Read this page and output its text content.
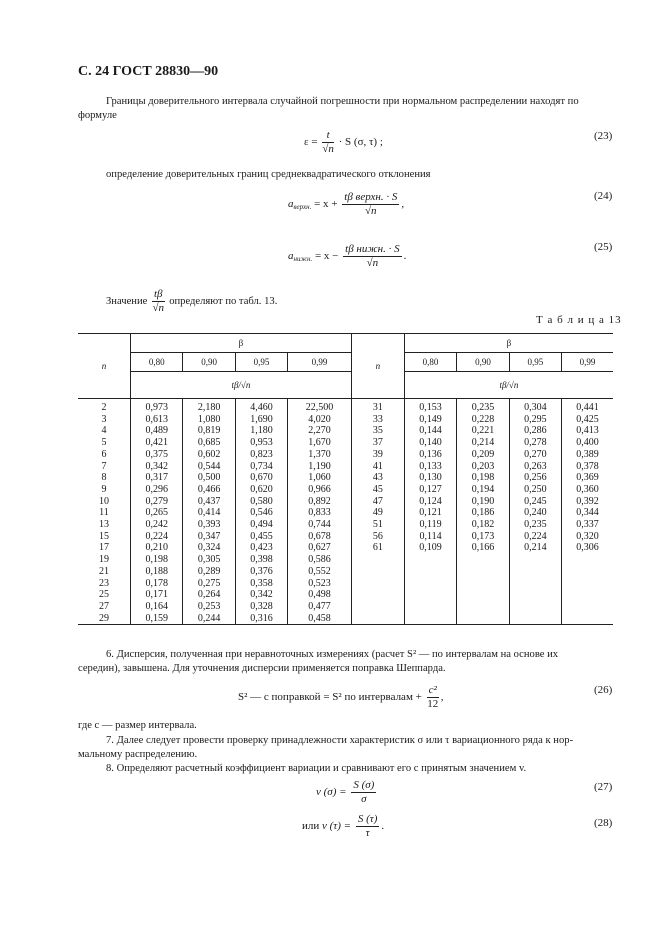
С. 24 ГОСТ 28830—90
Границы доверительного интервала случайной погрешности при нормальном распределении находят по
формуле
$\varepsilon = \frac{t}{√n} \cdot S$ (σ, τ) ;
(23)
определение доверительных границ среднеквадратического отклонения
$a_{верхн.} = x + \frac{\text{tβ верхн. · S}}{√n}$ ,
(24)
$a_{нижн.} = x - \frac{\text{tβ нижн. · S}}{√n}$ .
(25)
Значение $\frac{t\beta}{√n}$ определяют по табл. 13.
Т а б л и ц а 13
n	β				n	β			
	0,80	0,90	0,95	0,99		0,80	0,90	0,95	0,99
	tβ/√n					tβ/√n			
2	0,973	2,180	4,460	22,500	31	0,153	0,235	0,304	0,441
3	0,613	1,080	1,690	4,020	33	0,149	0,228	0,295	0,425
4	0,489	0,819	1,180	2,270	35	0,144	0,221	0,286	0,413
5	0,421	0,685	0,953	1,670	37	0,140	0,214	0,278	0,400
6	0,375	0,602	0,823	1,370	39	0,136	0,209	0,270	0,389
7	0,342	0,544	0,734	1,190	41	0,133	0,203	0,263	0,378
8	0,317	0,500	0,670	1,060	43	0,130	0,198	0,256	0,369
9	0,296	0,466	0,620	0,966	45	0,127	0,194	0,250	0,360
10	0,279	0,437	0,580	0,892	47	0,124	0,190	0,245	0,392
11	0,265	0,414	0,546	0,833	49	0,121	0,186	0,240	0,344
13	0,242	0,393	0,494	0,744	51	0,119	0,182	0,235	0,337
15	0,224	0,347	0,455	0,678	56	0,114	0,173	0,224	0,320
17	0,210	0,324	0,423	0,627	61	0,109	0,166	0,214	0,306
19	0,198	0,305	0,398	0,586					
21	0,188	0,289	0,376	0,552					
23	0,178	0,275	0,358	0,523					
25	0,171	0,264	0,342	0,498					
27	0,164	0,253	0,328	0,477					
29	0,159	0,244	0,316	0,458					
6. Дисперсия, полученная при неравноточных измерениях (расчет S² — по интервалам на основе их
середин), завышена. Для уточнения дисперсии применяется поправка Шеппарда.
S² — с поправкой = S² по интервалам + $\frac{\text{c²}}{12}$ ,
(26)
где c — размер интервала.
7. Далее следует провести проверку принадлежности характеристик σ или τ вариационного ряда к нор-
мальному распределению.
8. Определяют расчетный коэффициент вариации и сравнивают его с принятым значением v.
v $(\sigma) = \frac{S (\sigma)}{\sigma}$	(27)
или v $(\tau) = \frac{S (\tau)}{\tau}$ .	(28)
